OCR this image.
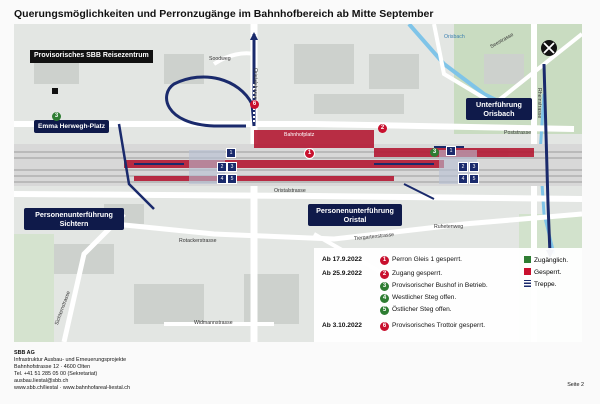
Querungsmöglichkeiten und Perronzugänge im Bahnhofbereich ab Mitte September
Soodweg
Oristalstrasse
Oristalstrasse
Rotackerstrasse	Tiergartenstrasse
Ruhetenweg
Widmannstrasse
Sichternstrasse
Poststrasse
Seestrasse
Orisbach
Rheinstrasse
Bahnhofplatz
Provisorisches SBB Reisezentrum
Emma Herwegh-Platz
Personenunterführung Sichtern
Personenunterführung Oristal
Unterführung Orisbach
1
2	3
4	5
1
2	3
4	5
1
2
3
3
6
Ab 17.9.2022	1 Perron Gleis 1 gesperrt.
Ab 25.9.2022	2 Zugang gesperrt.
3 Provisorischer Bushof in Betrieb.
4 Westlicher Steg offen.
5 Östlicher Steg offen.
Ab 3.10.2022	6 Provisorisches Trottoir gesperrt.
Zugänglich.
Gesperrt.
Treppe.
SBB AG
Infrastruktur Ausbau- und Erneuerungsprojekte
Bahnhofstrasse 12 · 4600 Olten
Tel. +41 51 285 05 00 (Sekretariat)
ausbau.liestal@sbb.ch
www.sbb.ch/liestal · www.bahnhofareal-liestal.ch	Seite 2
